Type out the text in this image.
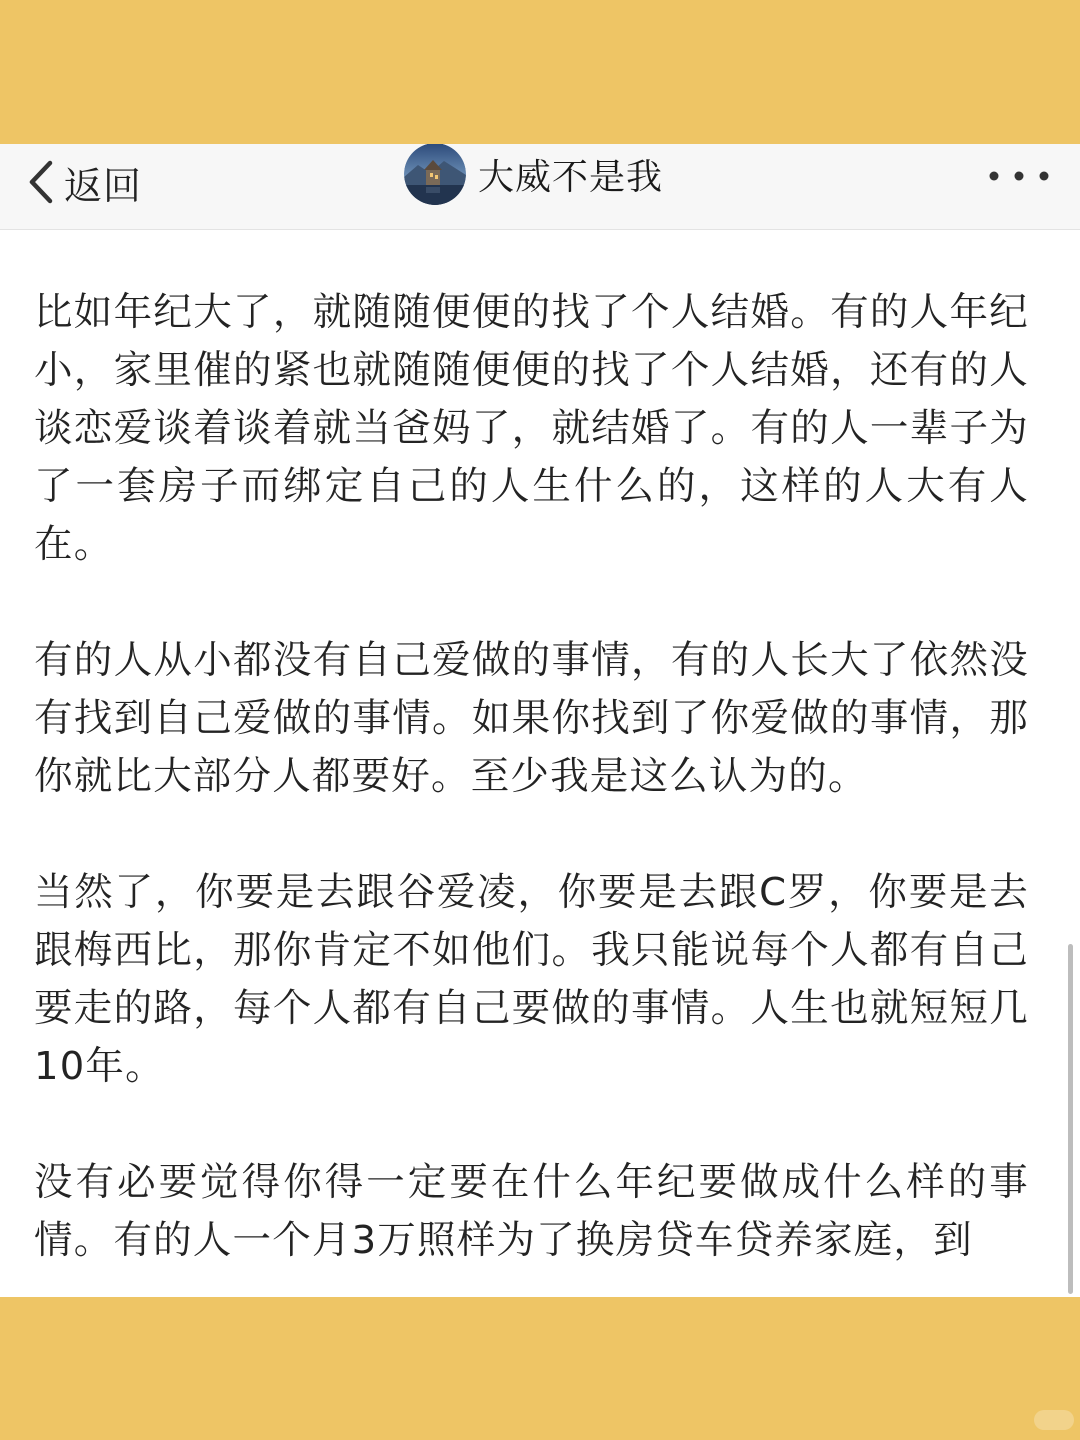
返回	大威不是我

比如年纪大了，就随随便便的找了个人结婚。有的人年纪小，家里催的紧也就随随便便的找了个人结婚，还有的人谈恋爱谈着谈着就当爸妈了，就结婚了。有的人一辈子为了一套房子而绑定自己的人生什么的，这样的人大有人在。

有的人从小都没有自己爱做的事情，有的人长大了依然没有找到自己爱做的事情。如果你找到了你爱做的事情，那你就比大部分人都要好。至少我是这么认为的。

当然了，你要是去跟谷爱凌，你要是去跟C罗，你要是去跟梅西比，那你肯定不如他们。我只能说每个人都有自己要走的路，每个人都有自己要做的事情。人生也就短短几10年。

没有必要觉得你得一定要在什么年纪要做成什么样的事情。有的人一个月3万照样为了换房贷车贷养家庭，到
